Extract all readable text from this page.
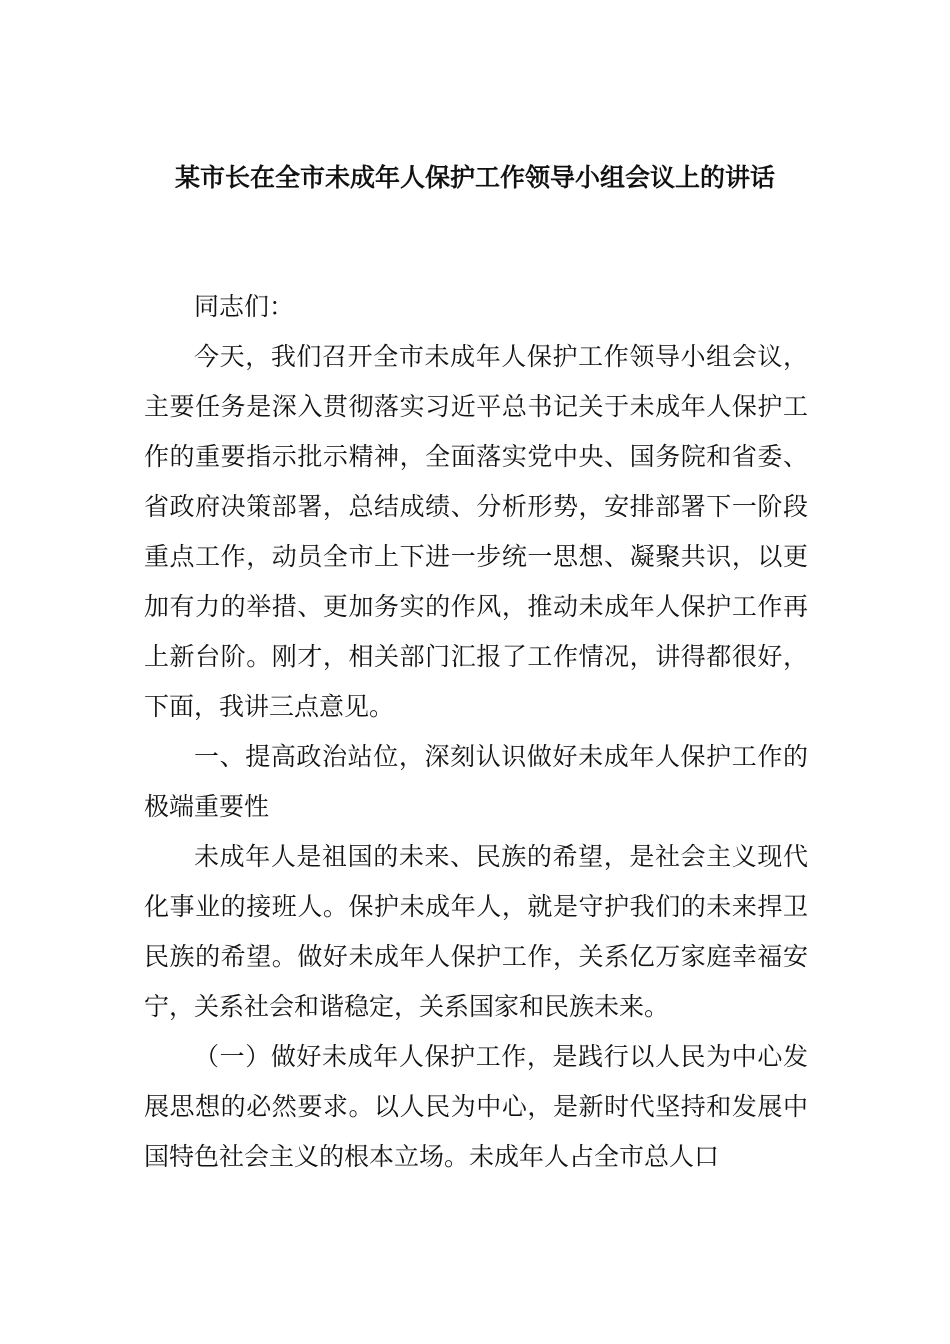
某市长在全市未成年人保护工作领导小组会议上的讲话

同志们：

今天，我们召开全市未成年人保护工作领导小组会议，主要任务是深入贯彻落实习近平总书记关于未成年人保护工作的重要指示批示精神，全面落实党中央、国务院和省委、省政府决策部署，总结成绩、分析形势，安排部署下一阶段重点工作，动员全市上下进一步统一思想、凝聚共识，以更加有力的举措、更加务实的作风，推动未成年人保护工作再上新台阶。刚才，相关部门汇报了工作情况，讲得都很好，下面，我讲三点意见。

一、提高政治站位，深刻认识做好未成年人保护工作的极端重要性

未成年人是祖国的未来、民族的希望，是社会主义现代化事业的接班人。保护未成年人，就是守护我们的未来捍卫民族的希望。做好未成年人保护工作，关系亿万家庭幸福安宁，关系社会和谐稳定，关系国家和民族未来。

（一）做好未成年人保护工作，是践行以人民为中心发展思想的必然要求。以人民为中心，是新时代坚持和发展中国特色社会主义的根本立场。未成年人占全市总人口
